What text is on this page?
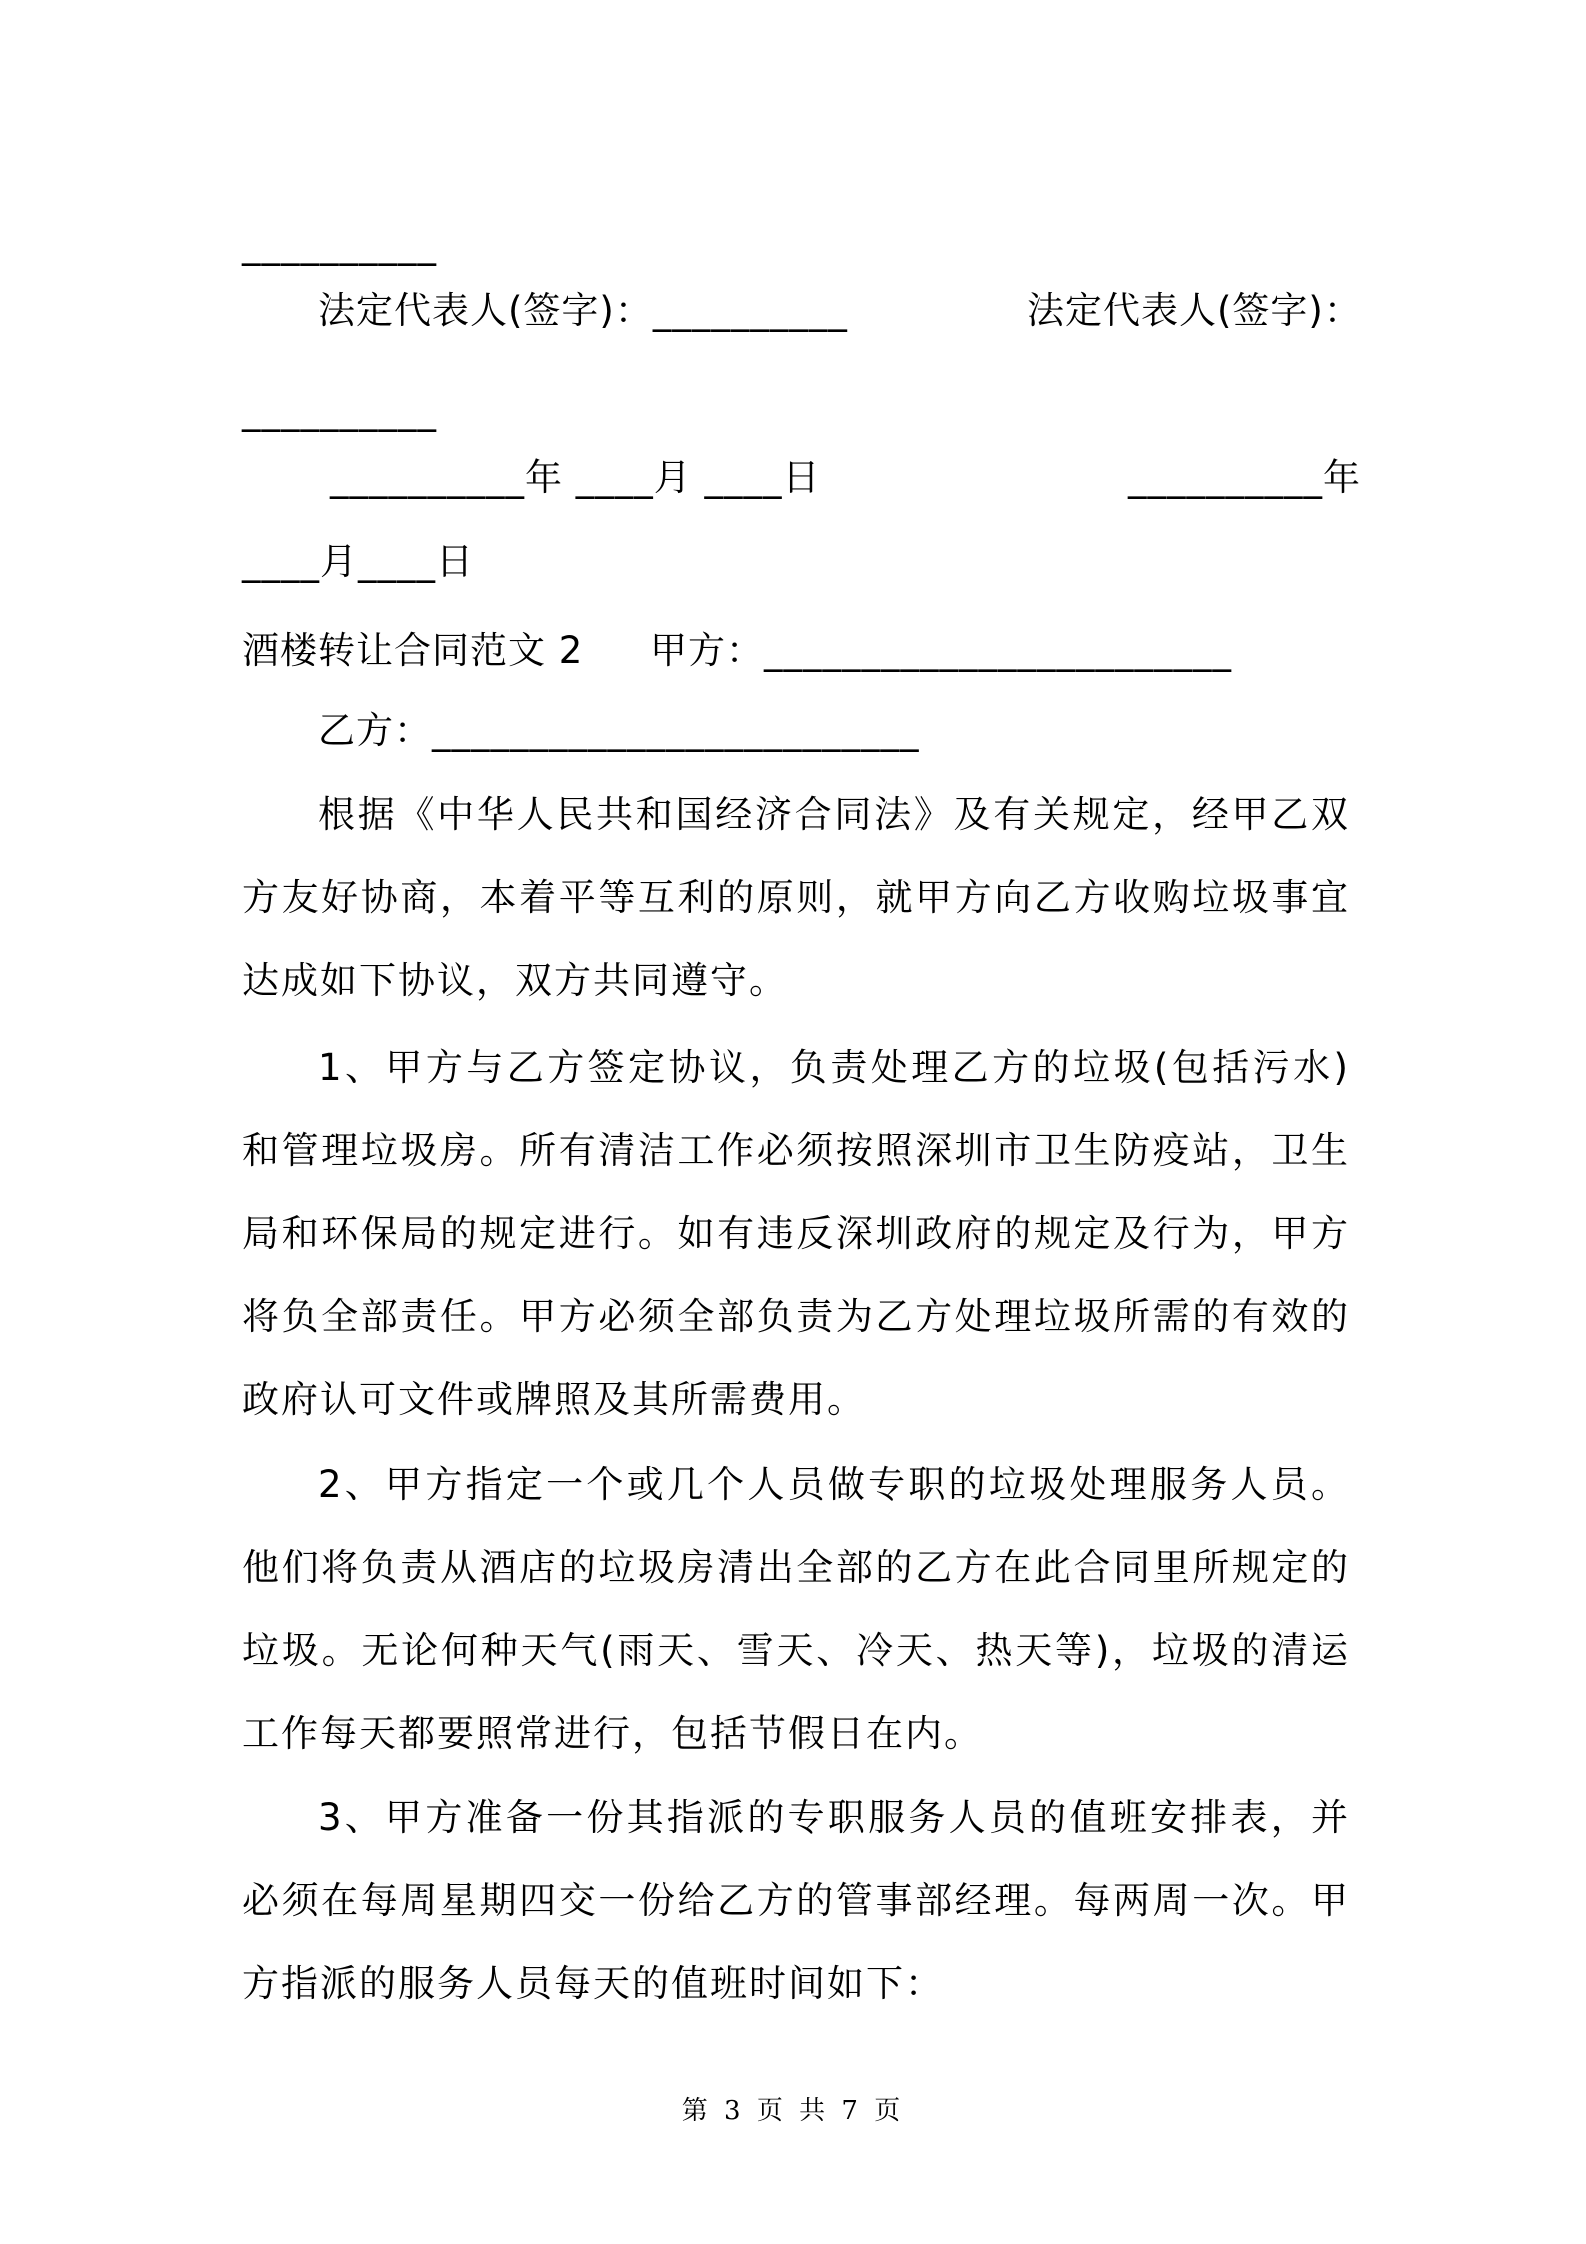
__________
法定代表人(签字)：__________	法定代表人(签字)：
__________
__________年 ____月 ____日	__________年
____月____日
酒楼转让合同范文 2 甲方：________________________
乙方：_________________________
根据《中华人民共和国经济合同法》及有关规定，经甲乙双方友好协商，本着平等互利的原则，就甲方向乙方收购垃圾事宜达成如下协议，双方共同遵守。
1、甲方与乙方签定协议，负责处理乙方的垃圾(包括污水)和管理垃圾房。所有清洁工作必须按照深圳市卫生防疫站，卫生局和环保局的规定进行。如有违反深圳政府的规定及行为，甲方将负全部责任。甲方必须全部负责为乙方处理垃圾所需的有效的政府认可文件或牌照及其所需费用。
2、甲方指定一个或几个人员做专职的垃圾处理服务人员。他们将负责从酒店的垃圾房清出全部的乙方在此合同里所规定的垃圾。无论何种天气(雨天、雪天、冷天、热天等)，垃圾的清运工作每天都要照常进行，包括节假日在内。
3、甲方准备一份其指派的专职服务人员的值班安排表，并必须在每周星期四交一份给乙方的管事部经理。每两周一次。甲方指派的服务人员每天的值班时间如下：
第 3 页 共 7 页
